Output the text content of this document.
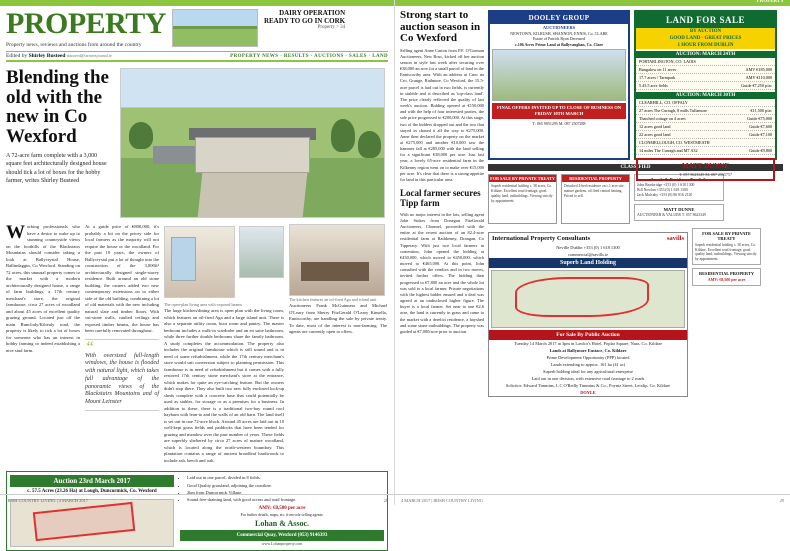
PROPERTY
Property news, reviews and auctions from around the country
DAIRY OPERATION
READY TO GO IN CORK
Property > 34
Edited by Shirley Busteed sbusteed@farmersjournal.ie	PROPERTY NEWS · RESULTS · AUCTIONS · SALES · LAND
Blending the old with the new in Co Wexford
A 72-acre farm complete with a 3,000 square feet architecturally designed house should tick a lot of boxes for the hobby farmer, writes Shirley Busteed
Working professionals who have a desire to wake up to stunning countryside views on the foothills of the Blackstairs Mountains should consider taking a look at Ballycrystal House, Ballindaggin, Co Wexford. Standing on 72 acres, this unusual property comes to the market with a modern architecturally designed house, a range of farm buildings, a 17th century merchant's store, the original farmhouse, circa 27 acres of woodland and about 45 acres of excellent quality grazing ground. Located just off the main Bunclody/Kiltealy road, the property is likely to tick a lot of boxes for someone who has an interest in hobby farming or indeed establishing a nice stud farm.
At a guide price of €800,000, it's probably a bit on the pricey side for local farmers as the majority will not require the house or the woodland. For the past 10 years, the owners of Ballycrystal put a lot of thought into the construction of the 3,000ft² architecturally designed single-storey residence. Built around an old stone building, the owners added two new contemporary extensions on to either side of the old building, combining a lot of old materials with the new including natural slate and timber floors. With cut-stone walls, vaulted ceilings and exposed timber beams, the house has been carefully renovated throughout.
“
With oversized full-length windows, the house is flooded with natural light, which takes full advantage of the panoramic views of the Blackstairs Mountains and of Mount Leinster
The open-plan living area with exposed beams
The large kitchen/dining area is open plan with the living room, which features an oil-fired Aga and a large island unit. There is also a separate utility room, boot room and pantry. The master bedroom includes a walk-in wardrobe and an en suite bathroom, while three further double bedrooms share the family bathroom. A study completes the accommodation. The property also includes the original farmhouse which is still sound and is in need of some refurbishment, while the 17th century merchant's store would suit conversion subject to planning permission. This farmhouse is in need of refurbishment but it comes with a fully restored 17th century stone merchant's store at the entrance, which makes for quite an eye-catching feature. But the owners didn't stop there. They also built two new fully enclosed lock-up sheds complete with a concrete base that could potentially be used as stables, for storage or as a premises for a business. In addition to these, there is a traditional two-bay round roof haybarn with lean-to and the walls of an old barn. The land itself is set out in one 72-acre block. Around 45 acres are laid out in 10 well-kept grass fields and paddocks that have been tended for grazing and meadow over the past number of years. These fields are superbly sheltered by circa 27 acres of mature woodland, which is located along the north-western boundary. This plantation contains a range of ancient broadleaf hardwoods to include ash, beech and oak.
The kitchen features an oil-fired Aga and island unit
Auctioneers Frank McGuinness and Michael O'Leary from Sherry FitzGerald O'Leary Kinsella, Enniscorthy, are handling the sale by private treaty. To date, most of the interest is non-farming. The agents are currently open to offers.
Auction 23rd March 2017
c. 57.5 Acres (23.26 Ha) at Lough, Duncormick, Co. Wexford
• Laid out in one parcel, divided in 8 fields.
• Good Quality grassland, adjoining the coastline.
• 2km from Duncormick Village.
• Sound free-draining land, with good access and road frontage.
AMV: €8,500 per acre
For further details, maps, etc. from sole selling agents:
Lohan & Assoc.
Commercial Quay, Wexford (053) 9146393
www.Lohanproperty.com
IRISH COUNTRY LIVING | 4 MARCH 2017	28
PROPERTY
Strong start to auction season in Co Wexford
Selling agent Anne Carton from P.F. O'Gorman Auctioneers, New Ross, kicked off her auction season in style last week after securing over €38,000 an acre for a small parcel of land in the Enniscorthy area. With an address at Cnoc na Cro, Grange, Rathnure, Co Wexford, the 15.5-acre parcel is laid out in two fields, is currently in stubble and is described as 'top-class land'. The price clearly reflected the quality of last week's auction. Bidding opened at €150,000 and with the help of four interested parties, the sale price progressed to €200,000. At this stage, two of the bidders dropped out and the two that stayed in chased it all the way to €275,000. Anne then declared the property on the market at €275,000 and another €10,000 saw the hammer fall at €285,000 with the land selling for a significant €38,000 per acre. Just last year, a lovely 65-acre residential farm in the Kilkenny region went on to make over €15,000 per acre. It's clear that there is a strong appetite for land in this particular area.
Local farmer secures Tipp farm
With no major interest in the lots, selling agent John Stokes from Donegan FitzGerald Auctioneers, Clonmel, proceeded with the entire at the recent auction of an 82.4-acre residential farm at Rathkenny, Drangan, Co Tipperary. With just two local farmers in contention, John opened the bidding at €430,000, which moved to €450,000, which moved to €465,000. At this point, John consulted with the vendors and in two moves, invited further offers. The bidding then progressed to €7,800 an acre and the whole lot was sold to a local farmer. Private negotiations with the highest bidder ensued and a deal was agreed at an undisclosed higher figure. The buyer is a local farmer. Set near to one €2.6 acre, the land is currently in grass and came to the market with a derelict residence, a hayshed and some stone outbuildings. The property was guided at €7,000/acre prior to auction.
DOOLEY GROUP
AUCTIONEERS
NEWTOWN, KILRUSH, SHANNON, ENNIS, Co. CLARE
Estate of Patrick Ryan Deceased
c.106 Acres Prime Land at Ballyvaughan, Co. Clare
FINAL OFFERS INVITED UP TO CLOSE OF BUSINESS ON FRIDAY 10TH MARCH
T: 065 9051295 M: 087 2507288
LAND FOR SALE
BY AUCTION
GOOD LAND - GREAT PRICES
1 HOUR FROM DUBLIN
AUCTION: MARCH 24TH
PORTARLINGTON, CO. LAOIS
Bungalow on 11 acres	AMV €185,000
17.7 acres / Tarmpark	AMV €110,000
5.43.5 acre fields	Guide €7,250 p/ac
AUCTION: MARCH 30TH
CLEARHILL, CO. OFFALY
27 acres The Curragh, 8 mills Tullamore	€11,500 p/ac
Thatched cottage on 4 acres	Guide €75,000
12 acres good land	Guide €7,600
22 acres good land	Guide €7,100
CLONMELLOUGH, CO. WESTMEATH
14 miles The Curragh and M7 A32	Guide €9,800
MATT DUNNE
T: 057 8623349 M: 087 2565757
CLASSIFIED
FOR SALE BY PRIVATE TREATY
Superb residential holding c. 38 acres, Co. Kildare. Excellent road frontage, good quality land, outbuildings. Viewing strictly by appointment.
RESIDENTIAL PROPERTY
Detached 4-bed residence on c.1 acre site, mature gardens, oil fired central heating. Priced to sell.
Lands & Residence For Sale
John Beasbridge +353 (0) 1 618 1300
Bill Nowlan +353 (0) 1 618 1300
Jack Mulcahy +353 (0) 86 816 2120
MATT DUNNE
AUCTIONEER & VALUER T: 057 8623349
International Property Consultants	savills
Neville Dublin +353 (0) 1 618 1300
commercial@savills.ie
Superb Land Holding
For Sale By Public Auction
Tuesday 14 March 2017 at 3pm in Lawlor's Hotel, Poplar Square, Naas, Co. Kildare
Lands at Ballymore Eustace, Co. Kildare
Prime Development Opportunity (PPP) located
Lands extending to approx. 161 ha (41 ac)
Superb holding ideal for any agricultural enterprise
Laid out in one division, with extensive road frontage to 2 roads
Solicitor: Edward Timmins, L C O'Reilly Timmins & Co., Poyntz Street, Leixlip, Co. Kildare
DOYLE
FOR SALE BY PRIVATE TREATY
Superb residential holding c. 38 acres, Co. Kildare. Excellent road frontage, good quality land, outbuildings. Viewing strictly by appointment.
RESIDENTIAL PROPERTY
AMV: €8,500 per acre
4 MARCH 2017 | IRISH COUNTRY LIVING	29
